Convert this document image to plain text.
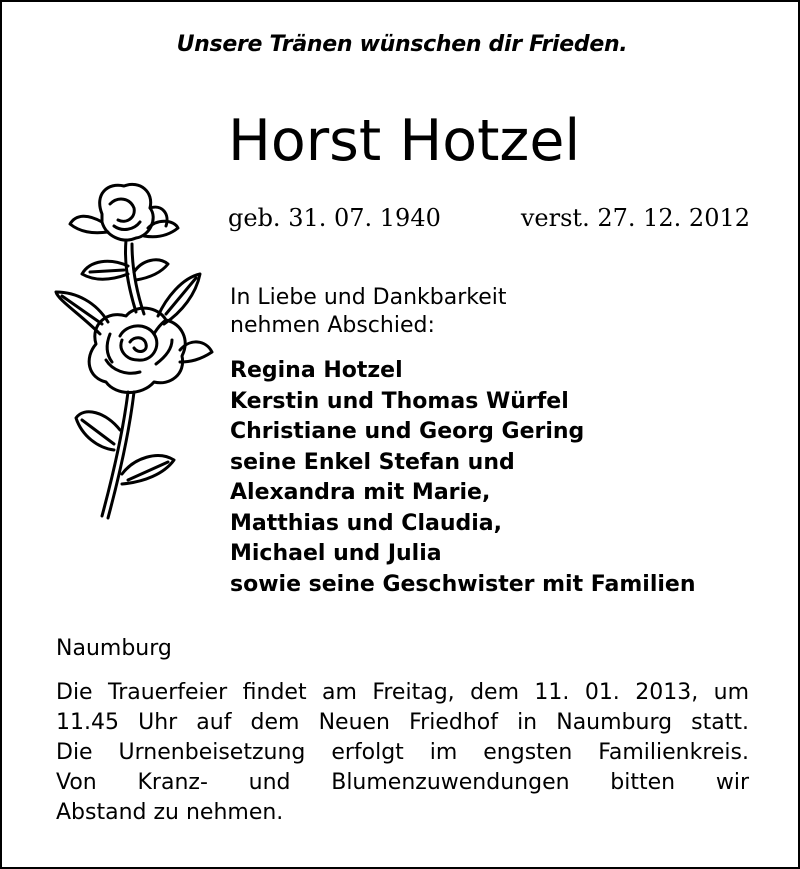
Unsere Tränen wünschen dir Frieden.
Horst Hotzel
geb. 31. 07. 1940	verst. 27. 12. 2012
In Liebe und Dankbarkeit
nehmen Abschied:
Regina Hotzel
Kerstin und Thomas Würfel
Christiane und Georg Gering
seine Enkel Stefan und
Alexandra mit Marie,
Matthias und Claudia,
Michael und Julia
sowie seine Geschwister mit Familien
Naumburg
Die Trauerfeier findet am Freitag, dem 11. 01. 2013, um
11.45 Uhr auf dem Neuen Friedhof in Naumburg statt.
Die Urnenbeisetzung erfolgt im engsten Familienkreis.
Von Kranz- und Blumenzuwendungen bitten wir
Abstand zu nehmen.
